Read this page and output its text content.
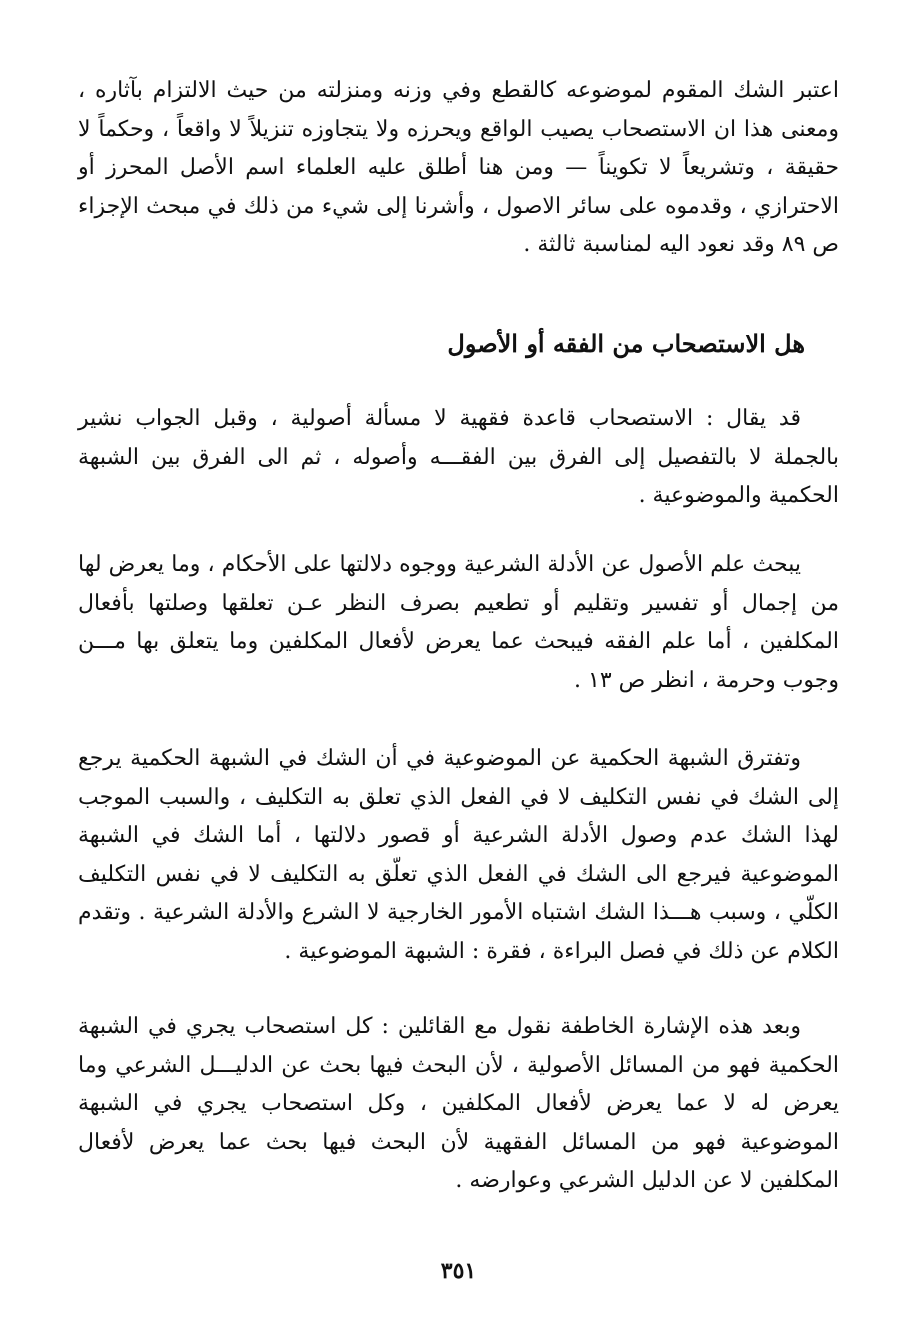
اعتبر الشك المقوم لموضوعه كالقطع وفي وزنه ومنزلته من حيث الالتزام بآثاره ، ومعنى هذا ان الاستصحاب يصيب الواقع ويحرزه ولا يتجاوزه تنزيلاً لا واقعاً ، وحكماً لا حقيقة ، وتشريعاً لا تكويناً — ومن هنا أطلق عليه العلماء اسم الأصل المحرز أو الاحترازي ، وقدموه على سائر الاصول ، وأشرنا إلى شيء من ذلك في مبحث الإجزاء ص ٨٩ وقد نعود اليه لمناسبة ثالثة .

هل الاستصحاب من الفقه أو الأصول

قد يقال : الاستصحاب قاعدة فقهية لا مسألة أصولية ، وقبل الجواب نشير بالجملة لا بالتفصيل إلى الفرق بين الفقـــه وأصوله ، ثم الى الفرق بين الشبهة الحكمية والموضوعية .

يبحث علم الأصول عن الأدلة الشرعية ووجوه دلالتها على الأحكام ، وما يعرض لها من إجمال أو تفسير وتقليم أو تطعيم بصرف النظر عـن تعلقها وصلتها بأفعال المكلفين ، أما علم الفقه فيبحث عما يعرض لأفعال المكلفين وما يتعلق بها مـــن وجوب وحرمة ، انظر ص ١٣ .

وتفترق الشبهة الحكمية عن الموضوعية في أن الشك في الشبهة الحكمية يرجع إلى الشك في نفس التكليف لا في الفعل الذي تعلق به التكليف ، والسبب الموجب لهذا الشك عدم وصول الأدلة الشرعية أو قصور دلالتها ، أما الشك في الشبهة الموضوعية فيرجع الى الشك في الفعل الذي تعلّق به التكليف لا في نفس التكليف الكلّي ، وسبب هـــذا الشك اشتباه الأمور الخارجية لا الشرع والأدلة الشرعية . وتقدم الكلام عن ذلك في فصل البراءة ، فقرة : الشبهة الموضوعية .

وبعد هذه الإشارة الخاطفة نقول مع القائلين : كل استصحاب يجري في الشبهة الحكمية فهو من المسائل الأصولية ، لأن البحث فيها بحث عن الدليـــل الشرعي وما يعرض له لا عما يعرض لأفعال المكلفين ، وكل استصحاب يجري في الشبهة الموضوعية فهو من المسائل الفقهية لأن البحث فيها بحث عما يعرض لأفعال المكلفين لا عن الدليل الشرعي وعوارضه .

٣٥١
